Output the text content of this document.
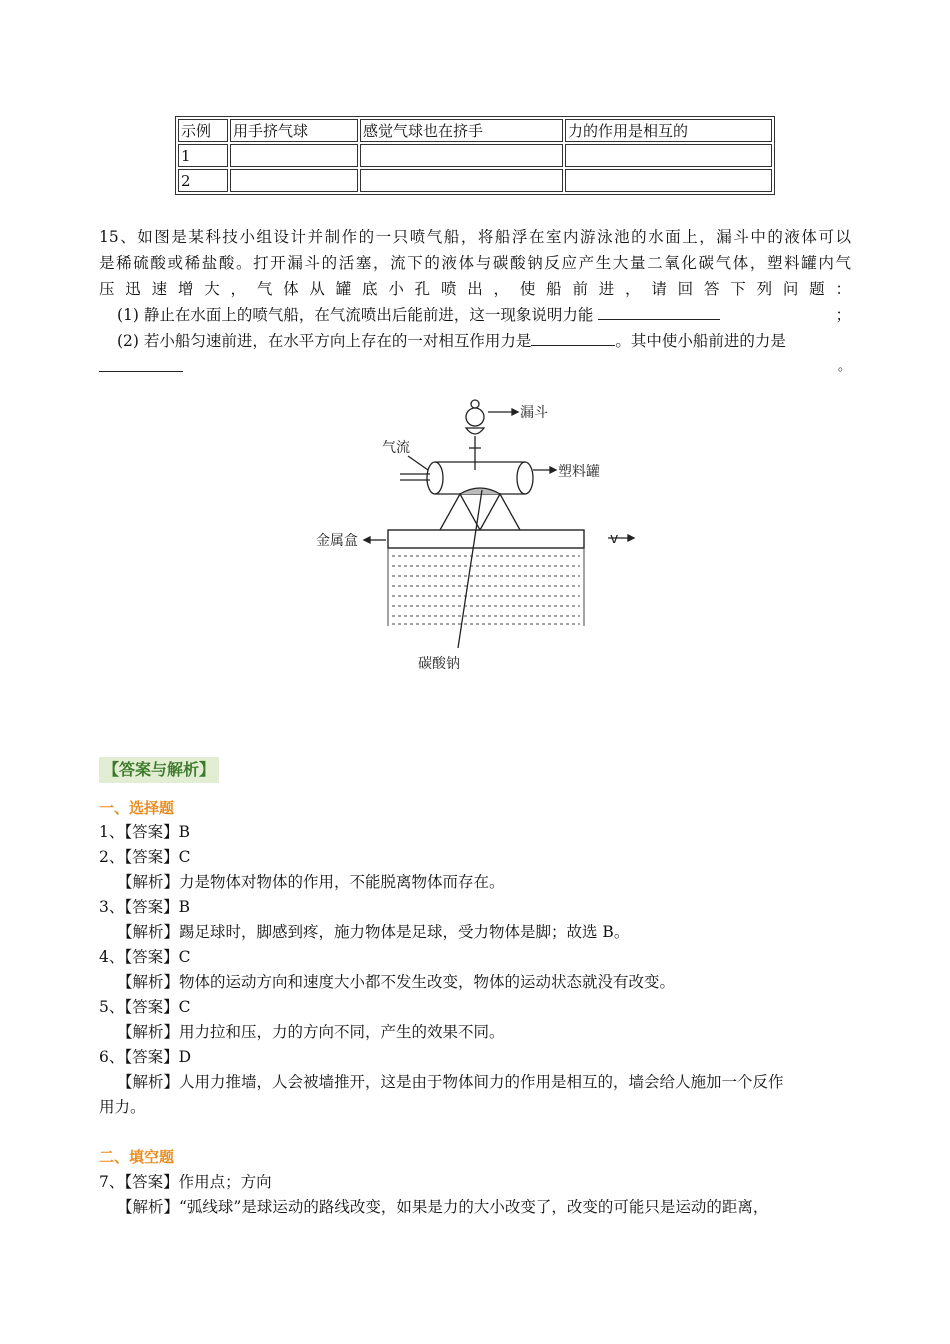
示例	用手挤气球	感觉气球也在挤手	力的作用是相互的
1			
2			
15、如图是某科技小组设计并制作的一只喷气船，将船浮在室内游泳池的水面上，漏斗中的液体可以
是稀硫酸或稀盐酸。打开漏斗的活塞，流下的液体与碳酸钠反应产生大量二氧化碳气体，塑料罐内气
压迅速增大，气体从罐底小孔喷出，使船前进，请回答下列问题：
(1) 静止在水面上的喷气船，在气流喷出后能前进，这一现象说明力能	；
(2) 若小船匀速前进，在水平方向上存在的一对相互作用力是	。其中使小船前进的力是
。
漏斗
气流
塑料罐
金属盒	v
碳酸钠
【答案与解析】
一、选择题
1、【答案】B
2、【答案】C
【解析】力是物体对物体的作用，不能脱离物体而存在。
3、【答案】B
【解析】踢足球时，脚感到疼，施力物体是足球，受力物体是脚；故选 B。
4、【答案】C
【解析】物体的运动方向和速度大小都不发生改变，物体的运动状态就没有改变。
5、【答案】C
【解析】用力拉和压，力的方向不同，产生的效果不同。
6、【答案】D
【解析】人用力推墙，人会被墙推开，这是由于物体间力的作用是相互的，墙会给人施加一个反作
用力。
二、填空题
7、【答案】作用点；方向
【解析】“弧线球”是球运动的路线改变，如果是力的大小改变了，改变的可能只是运动的距离，
